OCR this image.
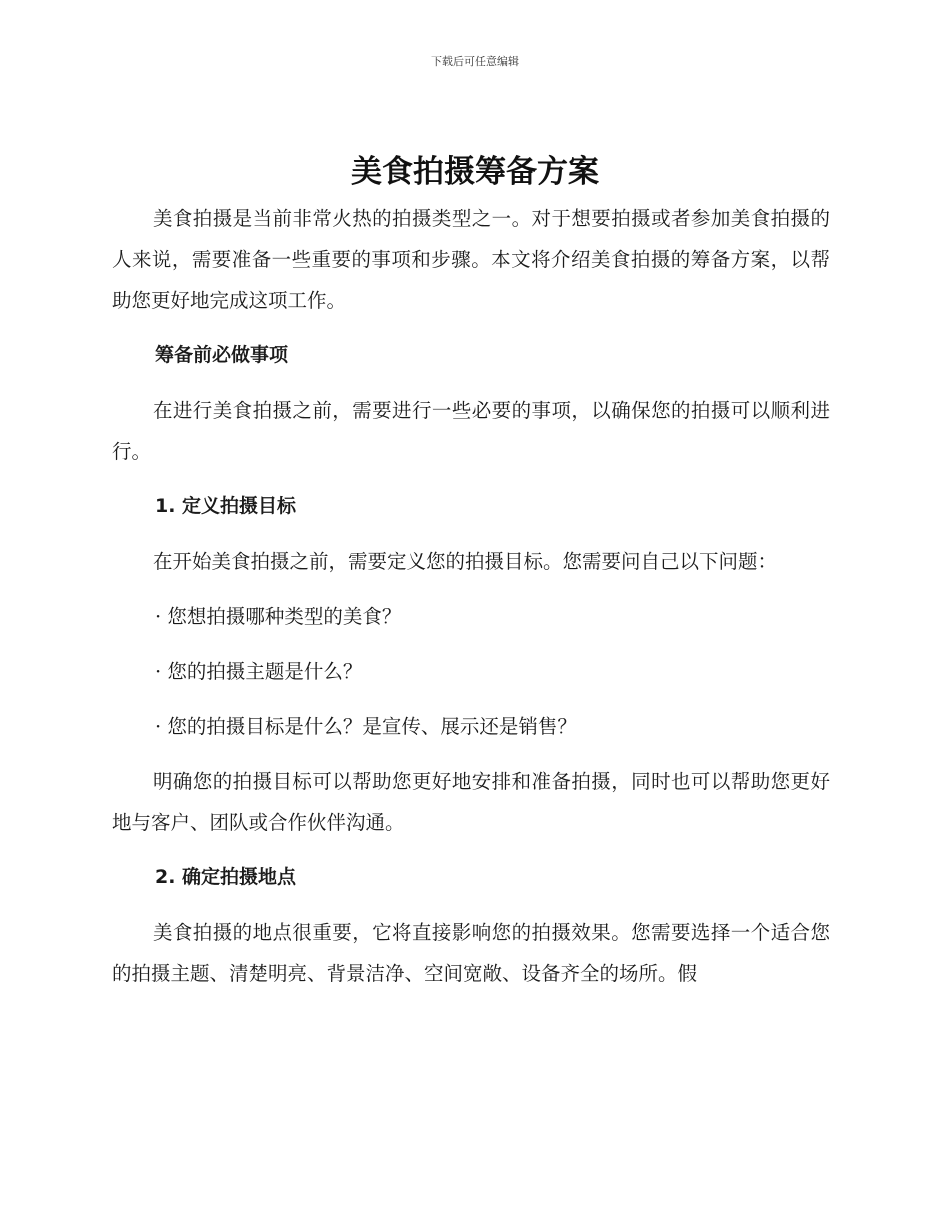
下载后可任意编辑
美食拍摄筹备方案

美食拍摄是当前非常火热的拍摄类型之一。对于想要拍摄或者参加美食拍摄的人来说，需要准备一些重要的事项和步骤。本文将介绍美食拍摄的筹备方案，以帮助您更好地完成这项工作。

筹备前必做事项

在进行美食拍摄之前，需要进行一些必要的事项，以确保您的拍摄可以顺利进行。

1. 定义拍摄目标

在开始美食拍摄之前，需要定义您的拍摄目标。您需要问自己以下问题：

· 您想拍摄哪种类型的美食？
· 您的拍摄主题是什么？
· 您的拍摄目标是什么？是宣传、展示还是销售？

明确您的拍摄目标可以帮助您更好地安排和准备拍摄，同时也可以帮助您更好地与客户、团队或合作伙伴沟通。

2. 确定拍摄地点

美食拍摄的地点很重要，它将直接影响您的拍摄效果。您需要选择一个适合您的拍摄主题、清楚明亮、背景洁净、空间宽敞、设备齐全的场所。假
